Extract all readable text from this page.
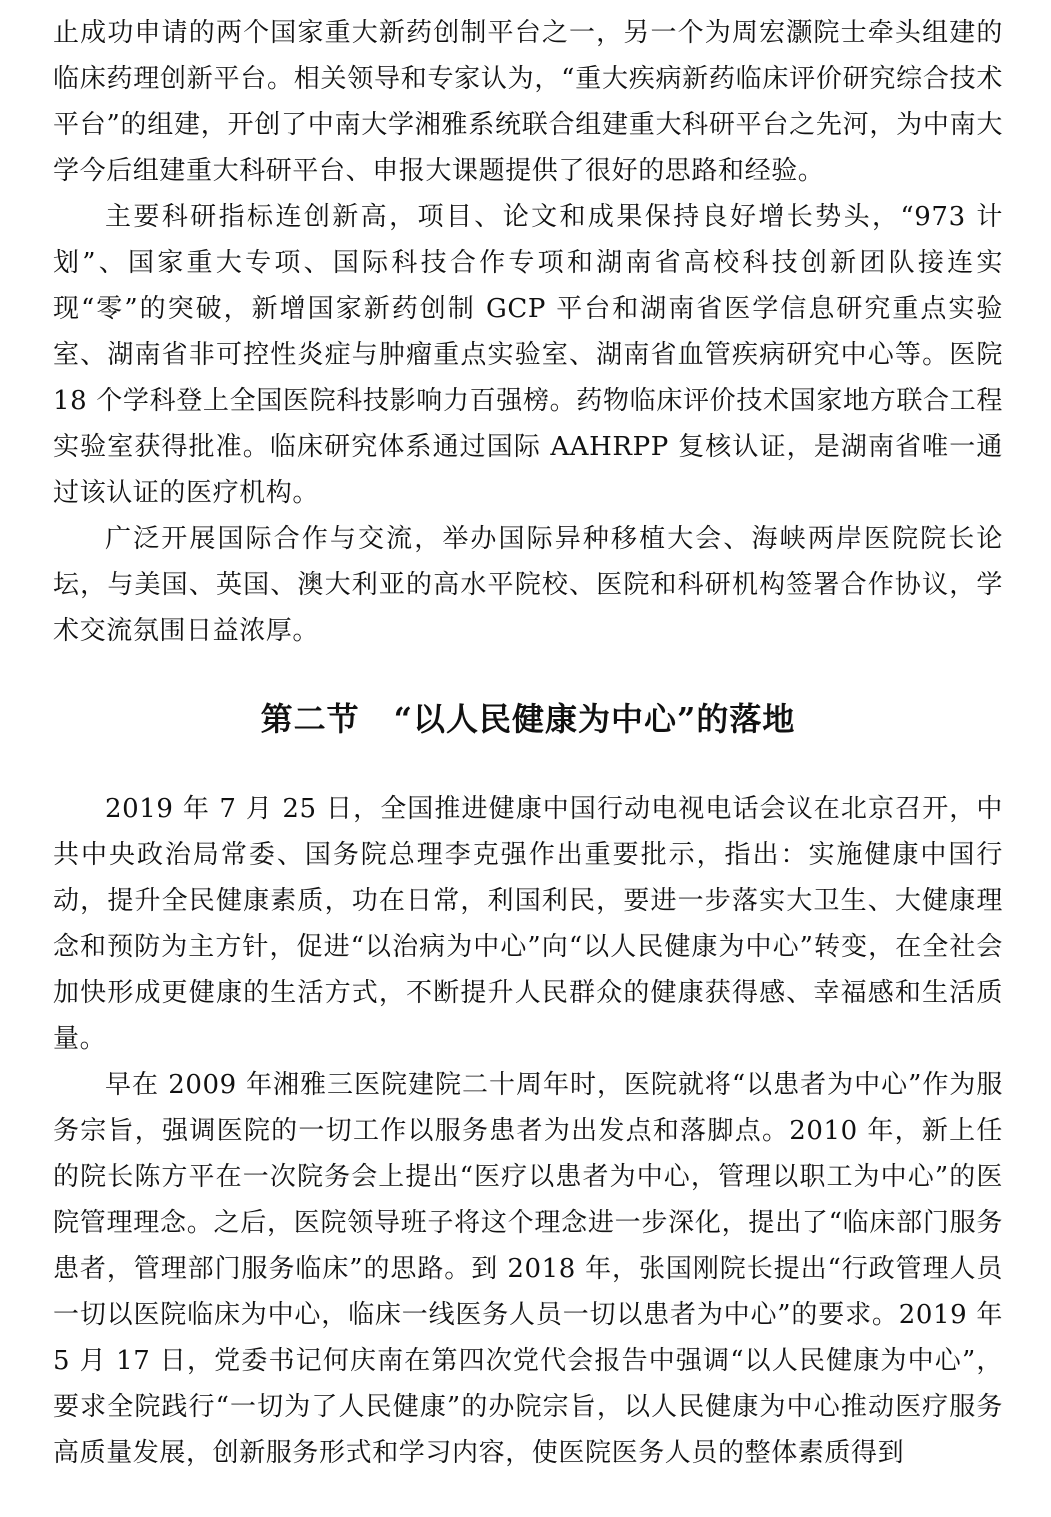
止成功申请的两个国家重大新药创制平台之一，另一个为周宏灏院士牵头组建的临床药理创新平台。相关领导和专家认为，“重大疾病新药临床评价研究综合技术平台”的组建，开创了中南大学湘雅系统联合组建重大科研平台之先河，为中南大学今后组建重大科研平台、申报大课题提供了很好的思路和经验。

主要科研指标连创新高，项目、论文和成果保持良好增长势头，“973 计划”、国家重大专项、国际科技合作专项和湖南省高校科技创新团队接连实现“零”的突破，新增国家新药创制 GCP 平台和湖南省医学信息研究重点实验室、湖南省非可控性炎症与肿瘤重点实验室、湖南省血管疾病研究中心等。医院 18 个学科登上全国医院科技影响力百强榜。药物临床评价技术国家地方联合工程实验室获得批准。临床研究体系通过国际 AAHRPP 复核认证，是湖南省唯一通过该认证的医疗机构。

广泛开展国际合作与交流，举办国际异种移植大会、海峡两岸医院院长论坛，与美国、英国、澳大利亚的高水平院校、医院和科研机构签署合作协议，学术交流氛围日益浓厚。

第二节 “以人民健康为中心”的落地

2019 年 7 月 25 日，全国推进健康中国行动电视电话会议在北京召开，中共中央政治局常委、国务院总理李克强作出重要批示，指出：实施健康中国行动，提升全民健康素质，功在日常，利国利民，要进一步落实大卫生、大健康理念和预防为主方针，促进“以治病为中心”向“以人民健康为中心”转变，在全社会加快形成更健康的生活方式，不断提升人民群众的健康获得感、幸福感和生活质量。

早在 2009 年湘雅三医院建院二十周年时，医院就将“以患者为中心”作为服务宗旨，强调医院的一切工作以服务患者为出发点和落脚点。2010 年，新上任的院长陈方平在一次院务会上提出“医疗以患者为中心，管理以职工为中心”的医院管理理念。之后，医院领导班子将这个理念进一步深化，提出了“临床部门服务患者，管理部门服务临床”的思路。到 2018 年，张国刚院长提出“行政管理人员一切以医院临床为中心，临床一线医务人员一切以患者为中心”的要求。2019 年 5 月 17 日，党委书记何庆南在第四次党代会报告中强调“以人民健康为中心”，要求全院践行“一切为了人民健康”的办院宗旨，以人民健康为中心推动医疗服务高质量发展，创新服务形式和学习内容，使医院医务人员的整体素质得到
